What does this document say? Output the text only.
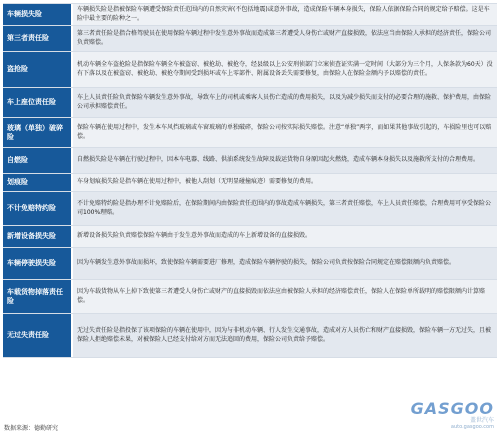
车辆损失险
车辆损失险是指被保险车辆遭受保险责任范围内的自然灾害(不包括地震)或意外事故，造成保险车辆本身损失，保险人依据保险合同的规定给予赔偿。这是车险中最主要的险种之一。
第三者责任险
第三者责任险是指合格驾驶员在使用保险车辆过程中发生意外事故而造成第三者遭受人身伤亡或财产直接损毁，依法应当由保险人承担的经济责任，保险公司负责赔偿。
盗抢险
机动车辆全车盗抢险是指保险车辆全车被盗窃、被抢劫、被抢夺，经县级以上公安刑侦部门立案侦查证实满一定时间（大部分为三个月，人保条款为60天）没有下落以及在被盗窃、被抢劫、被抢夺期间受到损坏或车上零部件、附属设备丢失需要修复，由保险人在保险金额内予以赔偿的责任。
车上座位责任险
车上人员责任险负责保险车辆发生意外事故，导致车上的司机或乘客人员伤亡造成的费用损失，以及为减少损失而支付的必要合理的施救、保护费用，由保险公司承担赔偿责任。
玻璃（单独）破碎险
保险车辆在使用过程中，发生本车风挡玻璃或车窗玻璃的单独破碎，保险公司按实际损失赔偿。注意“单独”两字，而如果其他事故引起的，车损险里也可以赔偿。
自燃险	自燃损失险是车辆在行驶过程中，因本车电器、线路、供油系统发生故障及载运货物自身原因起火燃烧，造成车辆本身损失以及施救所支付的合理费用。
划痕险	车身划痕损失险是指车辆在使用过程中，被他人刮划（无明显碰撞痕迹）需要修复的费用。
不计免赔特约险
不计免赔特约险是指办理不计免赔险后，在保险期间内由保险责任范围内的事故造成车辆损失，第三者责任赔偿，车上人员责任赔偿，合理费用可享受保险公司100%理赔。
新增设备损失险	新增设备损失险负责赔偿保险车辆由于发生意外事故而造成的车上新增设备的直接损毁。
车辆停驶损失险	因为车辆发生意外事故而损坏，致使保险车辆需要进厂修理，造成保险车辆停驶的损失，保险公司负责按保险合同规定在赔偿限额内负责赔偿。
车载货物掉落责任险
因为车载货物从车上掉下致使第三者遭受人身伤亡或财产的直接损毁而依法应由被保险人承担的经济赔偿责任，保险人在保险单所载明的赔偿限额内计算赔偿。
无过失责任险
无过失责任险是指投保了该项保险的车辆在使用中，因为与非机动车辆、行人发生交通事故，造成对方人员伤亡和财产直接损毁，保险车辆一方无过失，且被保险人拒绝赔偿未果，对被保险人已经支付给对方而无法追回的费用，保险公司负责给予赔偿。
数据来源：德勤研究
GASGOO
盖世汽车
auto.gasgoo.com
